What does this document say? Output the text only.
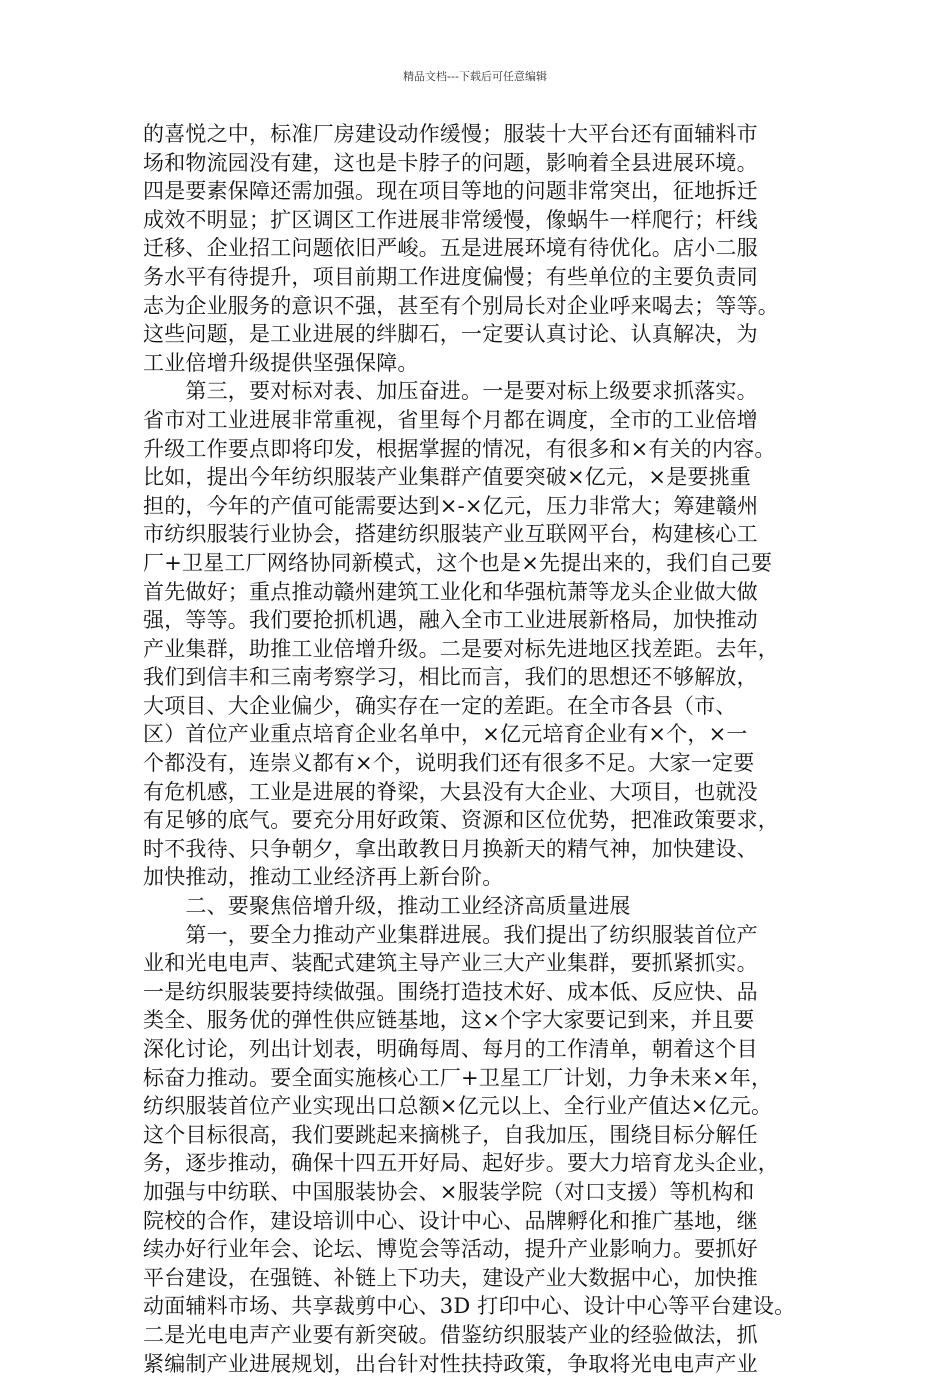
精品文档---下载后可任意编辑
的喜悦之中，标准厂房建设动作缓慢；服装十大平台还有面辅料市
场和物流园没有建，这也是卡脖子的问题，影响着全县进展环境。
四是要素保障还需加强。现在项目等地的问题非常突出，征地拆迁
成效不明显；扩区调区工作进展非常缓慢，像蜗牛一样爬行；杆线
迁移、企业招工问题依旧严峻。五是进展环境有待优化。店小二服
务水平有待提升，项目前期工作进度偏慢；有些单位的主要负责同
志为企业服务的意识不强，甚至有个别局长对企业呼来喝去；等等。
这些问题，是工业进展的绊脚石，一定要认真讨论、认真解决，为
工业倍增升级提供坚强保障。
　　第三，要对标对表、加压奋进。一是要对标上级要求抓落实。
省市对工业进展非常重视，省里每个月都在调度，全市的工业倍增
升级工作要点即将印发，根据掌握的情况，有很多和×有关的内容。
比如，提出今年纺织服装产业集群产值要突破×亿元，×是要挑重
担的，今年的产值可能需要达到×-×亿元，压力非常大；筹建赣州
市纺织服装行业协会，搭建纺织服装产业互联网平台，构建核心工
厂+卫星工厂网络协同新模式，这个也是×先提出来的，我们自己要
首先做好；重点推动赣州建筑工业化和华强杭萧等龙头企业做大做
强，等等。我们要抢抓机遇，融入全市工业进展新格局，加快推动
产业集群，助推工业倍增升级。二是要对标先进地区找差距。去年，
我们到信丰和三南考察学习，相比而言，我们的思想还不够解放，
大项目、大企业偏少，确实存在一定的差距。在全市各县（市、
区）首位产业重点培育企业名单中，×亿元培育企业有×个，×一
个都没有，连崇义都有×个，说明我们还有很多不足。大家一定要
有危机感，工业是进展的脊梁，大县没有大企业、大项目，也就没
有足够的底气。要充分用好政策、资源和区位优势，把准政策要求，
时不我待、只争朝夕，拿出敢教日月换新天的精气神，加快建设、
加快推动，推动工业经济再上新台阶。
　　二、要聚焦倍增升级，推动工业经济高质量进展
　　第一，要全力推动产业集群进展。我们提出了纺织服装首位产
业和光电电声、装配式建筑主导产业三大产业集群，要抓紧抓实。
一是纺织服装要持续做强。围绕打造技术好、成本低、反应快、品
类全、服务优的弹性供应链基地，这×个字大家要记到来，并且要
深化讨论，列出计划表，明确每周、每月的工作清单，朝着这个目
标奋力推动。要全面实施核心工厂+卫星工厂计划，力争未来×年，
纺织服装首位产业实现出口总额×亿元以上、全行业产值达×亿元。
这个目标很高，我们要跳起来摘桃子，自我加压，围绕目标分解任
务，逐步推动，确保十四五开好局、起好步。要大力培育龙头企业，
加强与中纺联、中国服装协会、×服装学院（对口支援）等机构和
院校的合作，建设培训中心、设计中心、品牌孵化和推广基地，继
续办好行业年会、论坛、博览会等活动，提升产业影响力。要抓好
平台建设，在强链、补链上下功夫，建设产业大数据中心，加快推
动面辅料市场、共享裁剪中心、3D 打印中心、设计中心等平台建设。
二是光电电声产业要有新突破。借鉴纺织服装产业的经验做法，抓
紧编制产业进展规划，出台针对性扶持政策，争取将光电电声产业
